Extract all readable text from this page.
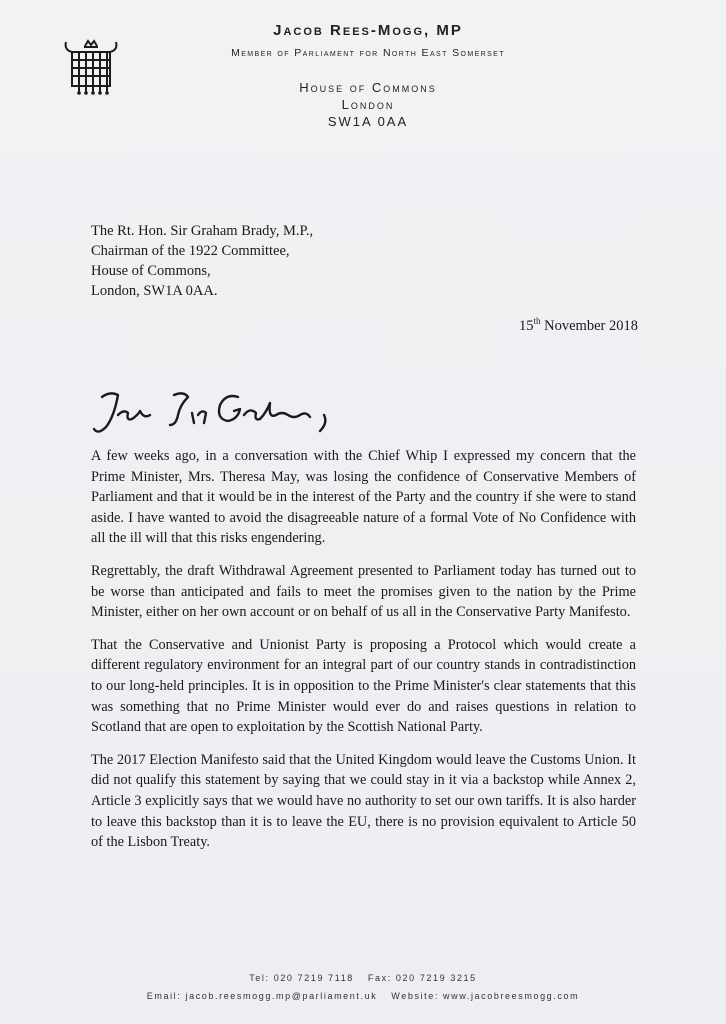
Jacob Rees-Mogg, MP
Member of Parliament for North East Somerset
House of Commons
London
SW1A 0AA
The Rt. Hon. Sir Graham Brady, M.P.,
Chairman of the 1922 Committee,
House of Commons,
London, SW1A 0AA.
15th November 2018

A few weeks ago, in a conversation with the Chief Whip I expressed my concern that the Prime Minister, Mrs. Theresa May, was losing the confidence of Conservative Members of Parliament and that it would be in the interest of the Party and the country if she were to stand aside. I have wanted to avoid the disagreeable nature of a formal Vote of No Confidence with all the ill will that this risks engendering.

Regrettably, the draft Withdrawal Agreement presented to Parliament today has turned out to be worse than anticipated and fails to meet the promises given to the nation by the Prime Minister, either on her own account or on behalf of us all in the Conservative Party Manifesto.

That the Conservative and Unionist Party is proposing a Protocol which would create a different regulatory environment for an integral part of our country stands in contradistinction to our long-held principles. It is in opposition to the Prime Minister's clear statements that this was something that no Prime Minister would ever do and raises questions in relation to Scotland that are open to exploitation by the Scottish National Party.

The 2017 Election Manifesto said that the United Kingdom would leave the Customs Union. It did not qualify this statement by saying that we could stay in it via a backstop while Annex 2, Article 3 explicitly says that we would have no authority to set our own tariffs. It is also harder to leave this backstop than it is to leave the EU, there is no provision equivalent to Article 50 of the Lisbon Treaty.

Tel: 020 7219 7118 Fax: 020 7219 3215
Email: jacob.reesmogg.mp@parliament.uk Website: www.jacobreesmogg.com
